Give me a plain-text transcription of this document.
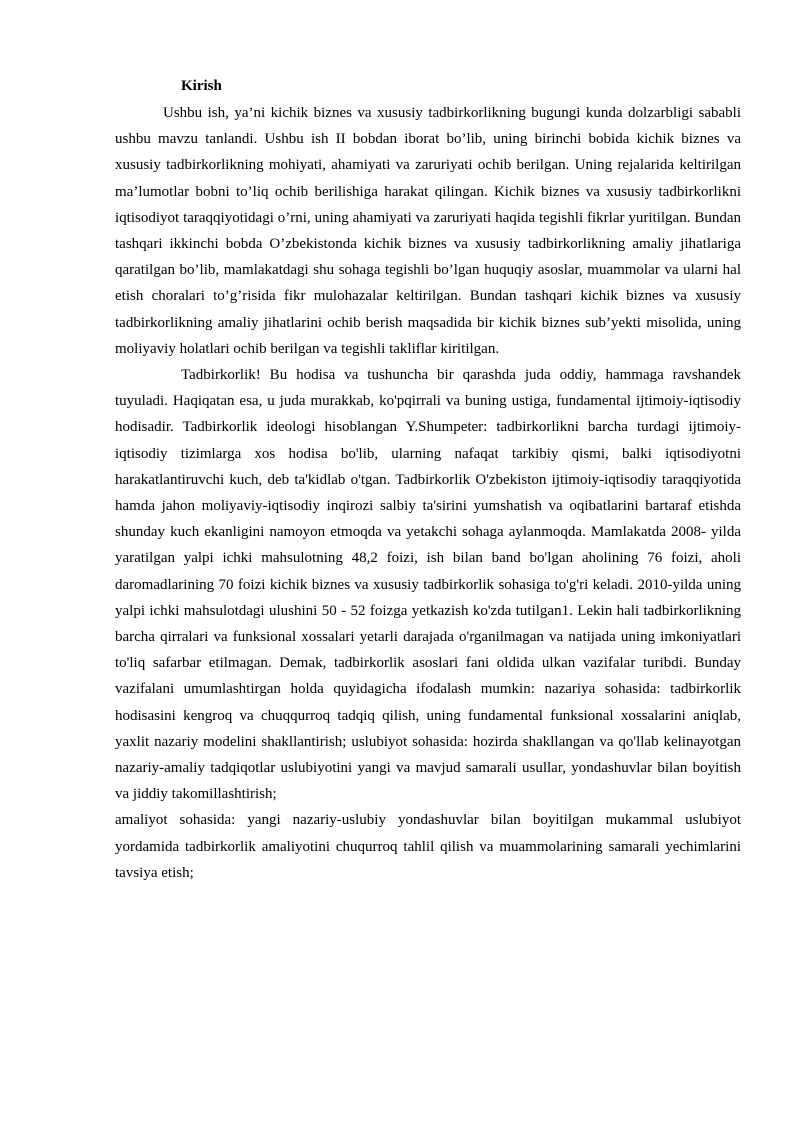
Kirish

Ushbu ish, ya’ni kichik biznes va xususiy tadbirkorlikning bugungi kunda dolzarbligi sababli ushbu mavzu tanlandi. Ushbu ish II bobdan iborat bo’lib, uning birinchi bobida kichik biznes va xususiy tadbirkorlikning mohiyati, ahamiyati va zaruriyati ochib berilgan. Uning rejalarida keltirilgan ma’lumotlar bobni to’liq ochib berilishiga harakat qilingan. Kichik biznes va xususiy tadbirkorlikni iqtisodiyot taraqqiyotidagi o’rni, uning ahamiyati va zaruriyati haqida tegishli fikrlar yuritilgan. Bundan tashqari ikkinchi bobda O’zbekistonda kichik biznes va xususiy tadbirkorlikning amaliy jihatlariga qaratilgan bo’lib, mamlakatdagi shu sohaga tegishli bo’lgan huquqiy asoslar, muammolar va ularni hal etish choralari to’g’risida fikr mulohazalar keltirilgan. Bundan tashqari kichik biznes va xususiy tadbirkorlikning amaliy jihatlarini ochib berish maqsadida bir kichik biznes sub’yekti misolida, uning moliyaviy holatlari ochib berilgan va tegishli takliflar kiritilgan.

Tadbirkorlik! Bu hodisa va tushuncha bir qarashda juda oddiy, hammaga ravshandek tuyuladi. Haqiqatan esa, u juda murakkab, ko'pqirrali va buning ustiga, fundamental ijtimoiy-iqtisodiy hodisadir. Tadbirkorlik ideologi hisoblangan Y.Shumpeter: tadbirkorlikni barcha turdagi ijtimoiy-iqtisodiy tizimlarga xos hodisa bo'lib, ularning nafaqat tarkibiy qismi, balki iqtisodiyotni harakatlantiruvchi kuch, deb ta'kidlab o'tgan. Tadbirkorlik O'zbekiston ijtimoiy-iqtisodiy taraqqiyotida hamda jahon moliyaviy-iqtisodiy inqirozi salbiy ta'sirini yumshatish va oqibatlarini bartaraf etishda shunday kuch ekanligini namoyon etmoqda va yetakchi sohaga aylanmoqda. Mamlakatda 2008- yilda yaratilgan yalpi ichki mahsulotning 48,2 foizi, ish bilan band bo'lgan aholining 76 foizi, aholi daromadlarining 70 foizi kichik biznes va xususiy tadbirkorlik sohasiga to'g'ri keladi. 2010-yilda uning yalpi ichki mahsulotdagi ulushini 50 - 52 foizga yetkazish ko'zda tutilgan1. Lekin hali tadbirkorlikning barcha qirralari va funksional xossalari yetarli darajada o'rganilmagan va natijada uning imkoniyatlari to'liq safarbar etilmagan. Demak, tadbirkorlik asoslari fani oldida ulkan vazifalar turibdi. Bunday vazifalani umumlashtirgan holda quyidagicha ifodalash mumkin: nazariya sohasida: tadbirkorlik hodisasini kengroq va chuqqurroq tadqiq qilish, uning fundamental funksional xossalarini aniqlab, yaxlit nazariy modelini shakllantirish; uslubiyot sohasida: hozirda shakllangan va qo'llab kelinayotgan nazariy-amaliy tadqiqotlar uslubiyotini yangi va mavjud samarali usullar, yondashuvlar bilan boyitish va jiddiy takomillashtirish;

amaliyot sohasida: yangi nazariy-uslubiy yondashuvlar bilan boyitilgan mukammal uslubiyot yordamida tadbirkorlik amaliyotini chuqurroq tahlil qilish va muammolarining samarali yechimlarini tavsiya etish;
